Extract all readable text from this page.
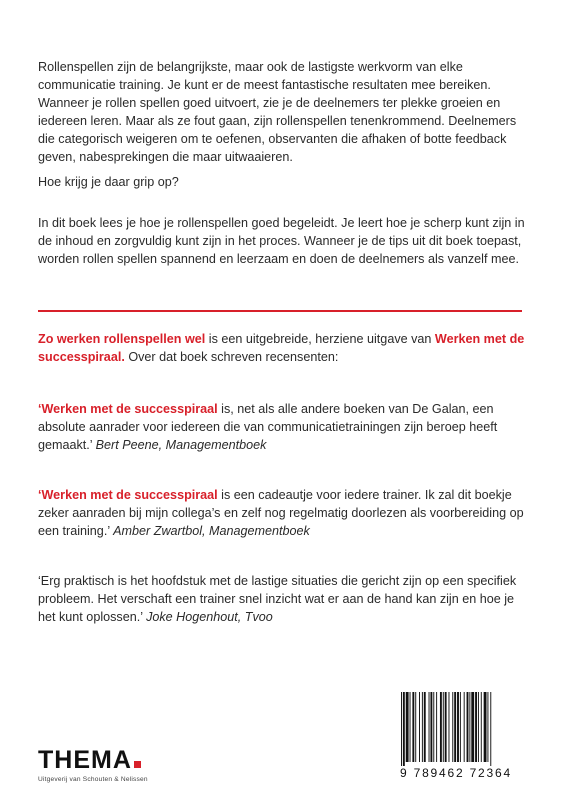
Rollenspellen zijn de belangrijkste, maar ook de lastigste werkvorm van elke communicatie training. Je kunt er de meest fantastische resultaten mee bereiken. Wanneer je rollen spellen goed uitvoert, zie je de deelnemers ter plekke groeien en iedereen leren. Maar als ze fout gaan, zijn rollenspellen tenenkrommend. Deelnemers die categorisch weigeren om te oefenen, observanten die afhaken of botte feedback geven, nabesprekingen die maar uitwaaieren.

Hoe krijg je daar grip op?

In dit boek lees je hoe je rollenspellen goed begeleidt. Je leert hoe je scherp kunt zijn in de inhoud en zorgvuldig kunt zijn in het proces. Wanneer je de tips uit dit boek toepast, worden rollen spellen spannend en leerzaam en doen de deelnemers als vanzelf mee.

Zo werken rollenspellen wel is een uitgebreide, herziene uitgave van Werken met de successpiraal. Over dat boek schreven recensenten:

‘Werken met de successpiraal is, net als alle andere boeken van De Galan, een absolute aanrader voor iedereen die van communicatietrainingen zijn beroep heeft gemaakt.’ Bert Peene, Managementboek

‘Werken met de successpiraal is een cadeautje voor iedere trainer. Ik zal dit boekje zeker aanraden bij mijn collega’s en zelf nog regelmatig doorlezen als voorbereiding op een training.’ Amber Zwartbol, Managementboek

‘Erg praktisch is het hoofdstuk met de lastige situaties die gericht zijn op een specifiek probleem. Het verschaft een trainer snel inzicht wat er aan de hand kan zijn en hoe je het kunt oplossen.’ Joke Hogenhout, Tvoo

THEMA
Uitgeverij van Schouten & Nelissen	9 789462 72364
